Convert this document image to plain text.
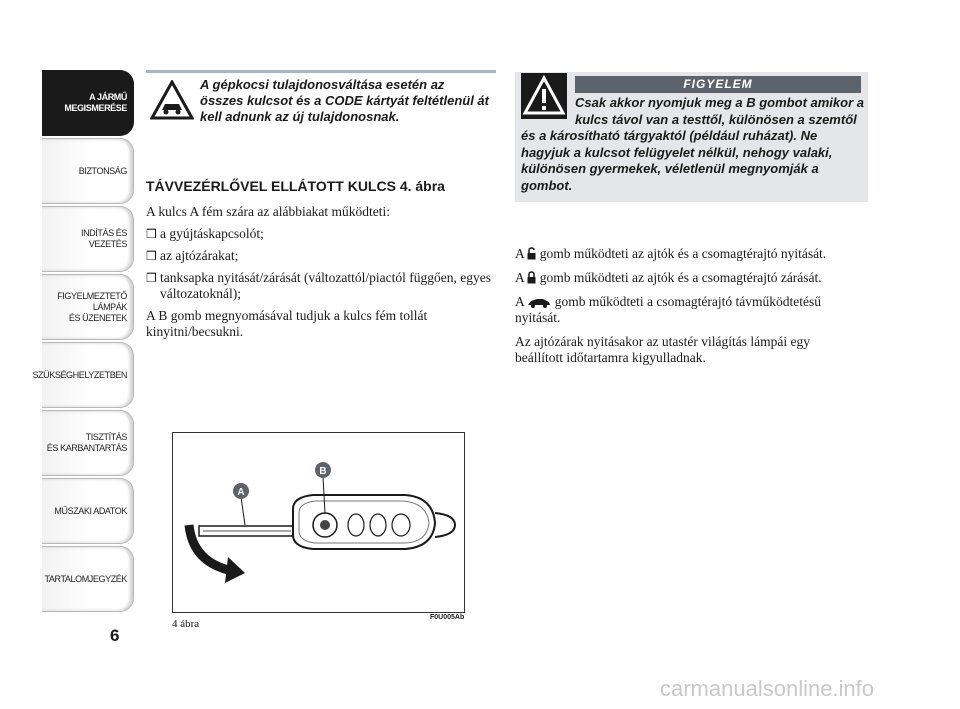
A JÁRMŰ
MEGISMERÉSE
BIZTONSÁG
INDÍTÁS ÉS VEZETÉS
FIGYELMEZTETŐ
LÁMPÁK
ÉS ÜZENETEK
SZÜKSÉGHELYZETBEN
TISZTÍTÁS
ÉS KARBANTARTÁS
MŰSZAKI ADATOK
TARTALOMJEGYZÉK
6
A gépkocsi tulajdonosváltása esetén az összes kulcsot és a CODE kártyát feltétlenül át kell adnunk az új tulajdonosnak.
TÁVVEZÉRLŐVEL ELLÁTOTT KULCS 4. ábra

A kulcs A fém szára az alábbiakat működteti:

❒ a gyújtáskapcsolót;
❒ az ajtózárakat;
❒ tanksapka nyitását/zárását (változattól/piactól függően, egyes változatoknál);

A B gomb megnyomásával tudjuk a kulcs fém tollát kinyitni/becsukni.

A
B
4 ábra
F0U005Ab
FIGYELEM
Csak akkor nyomjuk meg a B gombot amikor a kulcs távol van a testtől, különösen a szemtől és a károsítható tárgyaktól (például ruházat). Ne hagyjuk a kulcsot felügyelet nélkül, nehogy valaki, különösen gyermekek, véletlenül megnyomják a gombot.

A  gomb működteti az ajtók és a csomagtérajtó nyitását.

A  gomb működteti az ajtók és a csomagtérajtó zárását.

A  gomb működteti a csomagtérajtó távműködtetésű nyitását.

Az ajtózárak nyitásakor az utastér világítás lámpái egy beállított időtartamra kigyulladnak.

carmanualsonline.info
